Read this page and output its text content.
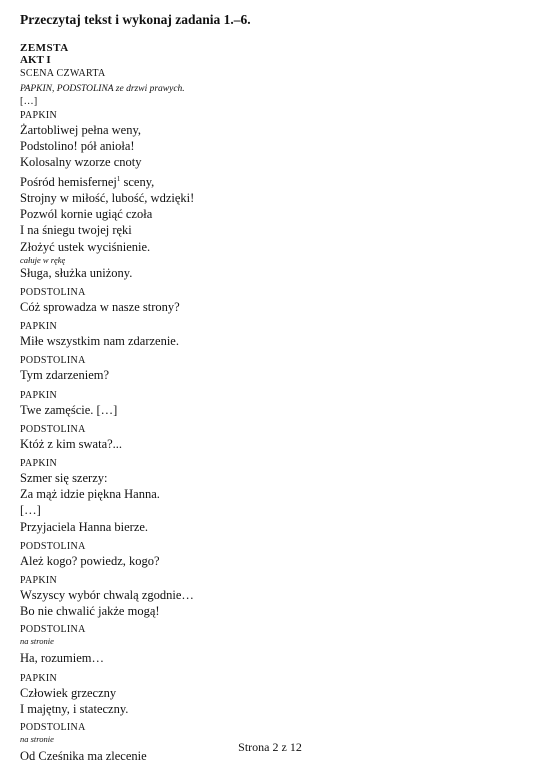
Przeczytaj tekst i wykonaj zadania 1.–6.
ZEMSTA
AKT I
SCENA CZWARTA
PAPKIN, PODSTOLINA ze drzwi prawych.
[…]
PAPKIN
Żartobliwej pełna weny,
Podstolino! pół anioła!
Kolosalny wzorze cnoty
Pośród hemisfernej$^1$ sceny,
Strojny w miłość, lubość, wdzięki!
Pozwól kornie ugiąć czoła
I na śniegu twojej ręki
Złożyć ustek wyciśnienie.
całuje w rękę
Sługa, służka uniżony.
PODSTOLINA
Cóż sprowadza w nasze strony?
PAPKIN
Miłe wszystkim nam zdarzenie.
PODSTOLINA
Tym zdarzeniem?
PAPKIN
Twe zamęście. […]
PODSTOLINA
Któż z kim swata?...
PAPKIN
Szmer się szerzy:
Za mąż idzie piękna Hanna.
[…]
Przyjaciela Hanna bierze.
PODSTOLINA
Ależ kogo? powiedz, kogo?
PAPKIN
Wszyscy wybór chwalą zgodnie…
Bo nie chwalić jakże mogą!
PODSTOLINA
na stronie
Ha, rozumiem…
PAPKIN
Człowiek grzeczny
I majętny, i stateczny.
PODSTOLINA
na stronie
Od Cześnika ma zlecenie
Strona 2 z 12
